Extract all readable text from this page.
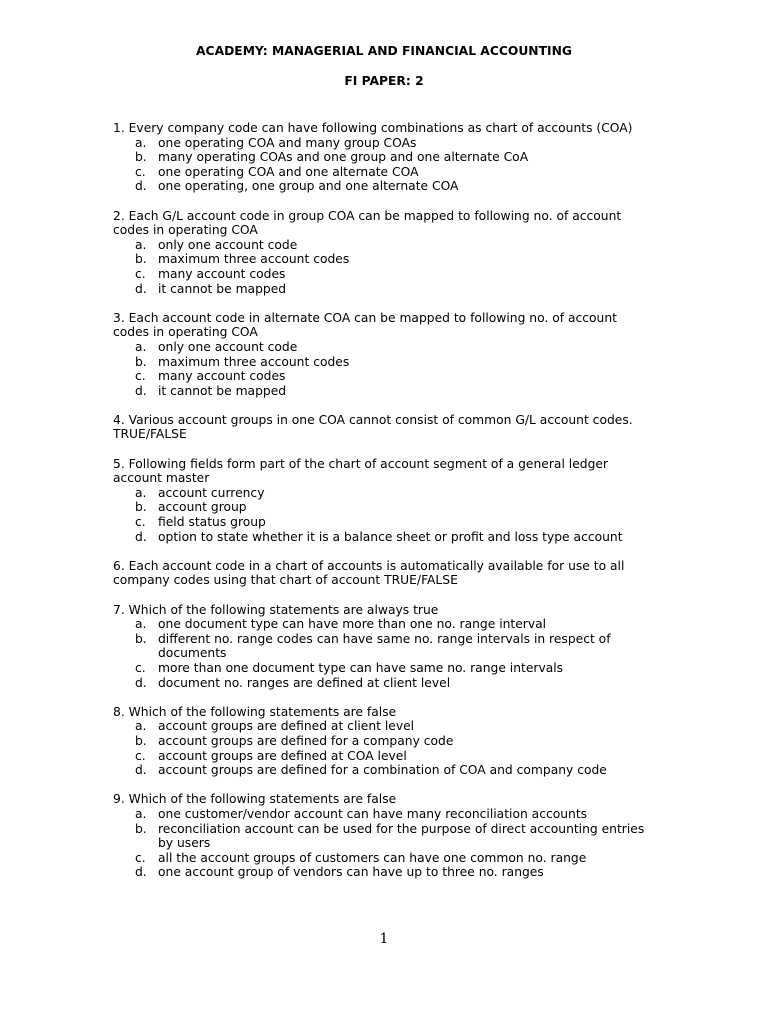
ACADEMY: MANAGERIAL AND FINANCIAL ACCOUNTING
FI PAPER: 2
1. Every company code can have following combinations as chart of accounts (COA)
a. one operating COA and many group COAs
b. many operating COAs and one group and one alternate CoA
c. one operating COA and one alternate COA
d. one operating, one group and one alternate COA
2. Each G/L account code in group COA can be mapped to following no. of account codes in operating COA
a. only one account code
b. maximum three account codes
c. many account codes
d. it cannot be mapped
3. Each account code in alternate COA can be mapped to following no. of account codes in operating COA
a. only one account code
b. maximum three account codes
c. many account codes
d. it cannot be mapped
4. Various account groups in one COA cannot consist of common G/L account codes. TRUE/FALSE
5. Following fields form part of the chart of account segment of a general ledger account master
a. account currency
b. account group
c. field status group
d. option to state whether it is a balance sheet or profit and loss type account
6. Each account code in a chart of accounts is automatically available for use to all company codes using that chart of account TRUE/FALSE
7. Which of the following statements are always true
a. one document type can have more than one no. range interval
b. different no. range codes can have same no. range intervals in respect of documents
c. more than one document type can have same no. range intervals
d. document no. ranges are defined at client level
8. Which of the following statements are false
a. account groups are defined at client level
b. account groups are defined for a company code
c. account groups are defined at COA level
d. account groups are defined for a combination of COA and company code
9. Which of the following statements are false
a. one customer/vendor account can have many reconciliation accounts
b. reconciliation account can be used for the purpose of direct accounting entries by users
c. all the account groups of customers can have one common no. range
d. one account group of vendors can have up to three no. ranges
1
